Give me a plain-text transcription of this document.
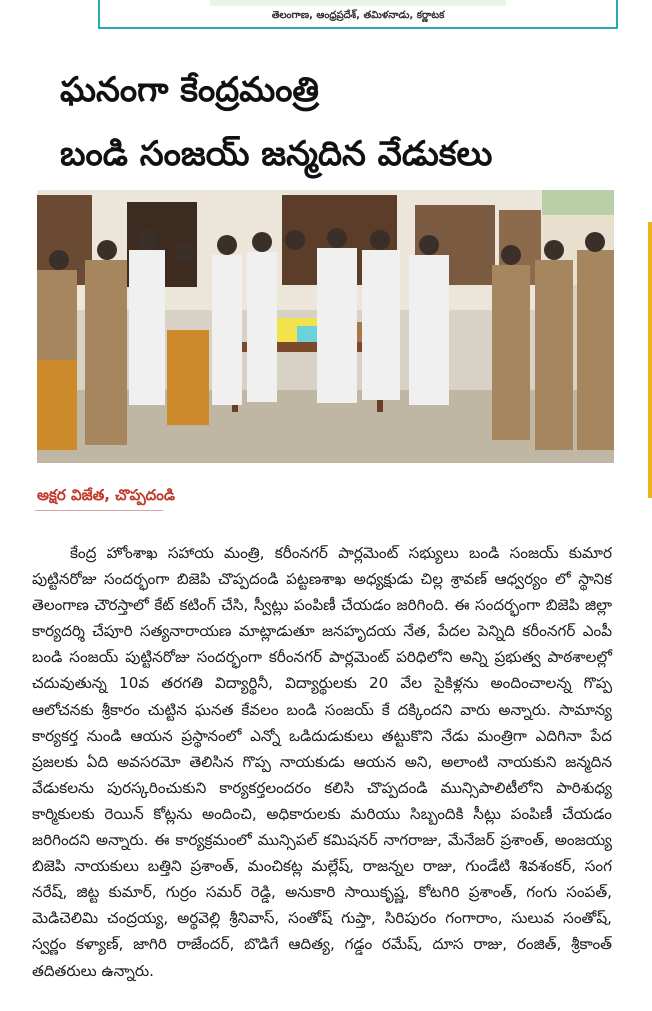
తెలంగాణ, ఆంధ్రప్రదేశ్, తమిళనాడు, కర్ణాటక
ఘనంగా కేంద్రమంత్రి
బండి సంజయ్ జన్మదిన వేడుకలు
అక్షర విజేత, చొప్పదండి
కేంద్ర హోంశాఖ సహాయ మంత్రి, కరీంనగర్ పార్లమెంట్ సభ్యులు బండి సంజయ్ కుమార పుట్టినరోజు సందర్భంగా బిజెపి చొప్పదండి పట్టణశాఖ అధ్యక్షుడు చిల్ల శ్రావణ్ ఆధ్వర్యం లో స్థానిక తెలంగాణ చౌరస్తాలో కేట్ కటింగ్ చేసి, స్వీట్లు పంపిణీ చేయడం జరిగింది. ఈ సందర్భంగా బిజెపి జిల్లా కార్యదర్శి చేపూరి సత్యనారాయణ మాట్లాడుతూ జనహృదయ నేత, పేదల పెన్నిది కరీంనగర్ ఎంపీ బండి సంజయ్ పుట్టినరోజు సందర్భంగా కరీంనగర్ పార్లమెంట్ పరిధిలోని అన్ని ప్రభుత్వ పాఠశాలల్లో చదువుతున్న 10వ తరగతి విద్యార్థినీ, విద్యార్థులకు 20 వేల సైకిళ్లను అందించాలన్న గొప్ప ఆలోచనకు శ్రీకారం చుట్టిన ఘనత కేవలం బండి సంజయ్ కే దక్కిందని వారు అన్నారు. సామాన్య కార్యకర్త నుండి ఆయన ప్రస్థానంలో ఎన్నో ఒడిదుడుకులు తట్టుకొని నేడు మంత్రిగా ఎదిగినా పేద ప్రజలకు ఏది అవసరమో తెలిసిన గొప్ప నాయకుడు ఆయన అని, అలాంటి నాయకుని జన్మదిన వేడుకలను పురస్కరించుకుని కార్యకర్తలందరం కలిసి చొప్పదండి మున్సిపాలిటీలోని పారిశుధ్య కార్మికులకు రెయిన్ కోట్లను అందించి, అధికారులకు మరియు సిబ్బందికి సీట్లు పంపిణీ చేయడం జరిగిందని అన్నారు. ఈ కార్యక్రమంలో మున్సిపల్ కమిషనర్ నాగరాజు, మేనేజర్ ప్రశాంత్, అంజయ్య బిజెపి నాయకులు బత్తిని ప్రశాంత్, మంచికట్ల మల్లేష్, రాజన్నల రాజు, గుండేటి శివశంకర్, సంగ నరేష్, జిట్ట కుమార్, గుర్రం సమర్ రెడ్డి, అనుకారి సాయికృష్ణ, కోటగిరి ప్రశాంత్, గంగు సంపత్, మెడిచెలిమి చంద్రయ్య, అర్థవెల్లి శ్రీనివాస్, సంతోష్ గుప్తా, సిరిపురం గంగారాం, సులువ సంతోష్, స్వర్ణం కళ్యాణ్, జాగిరి రాజేందర్, బొడిగే ఆదిత్య, గడ్డం రమేష్, దూస రాజు, రంజిత్, శ్రీకాంత్ తదితరులు ఉన్నారు.
